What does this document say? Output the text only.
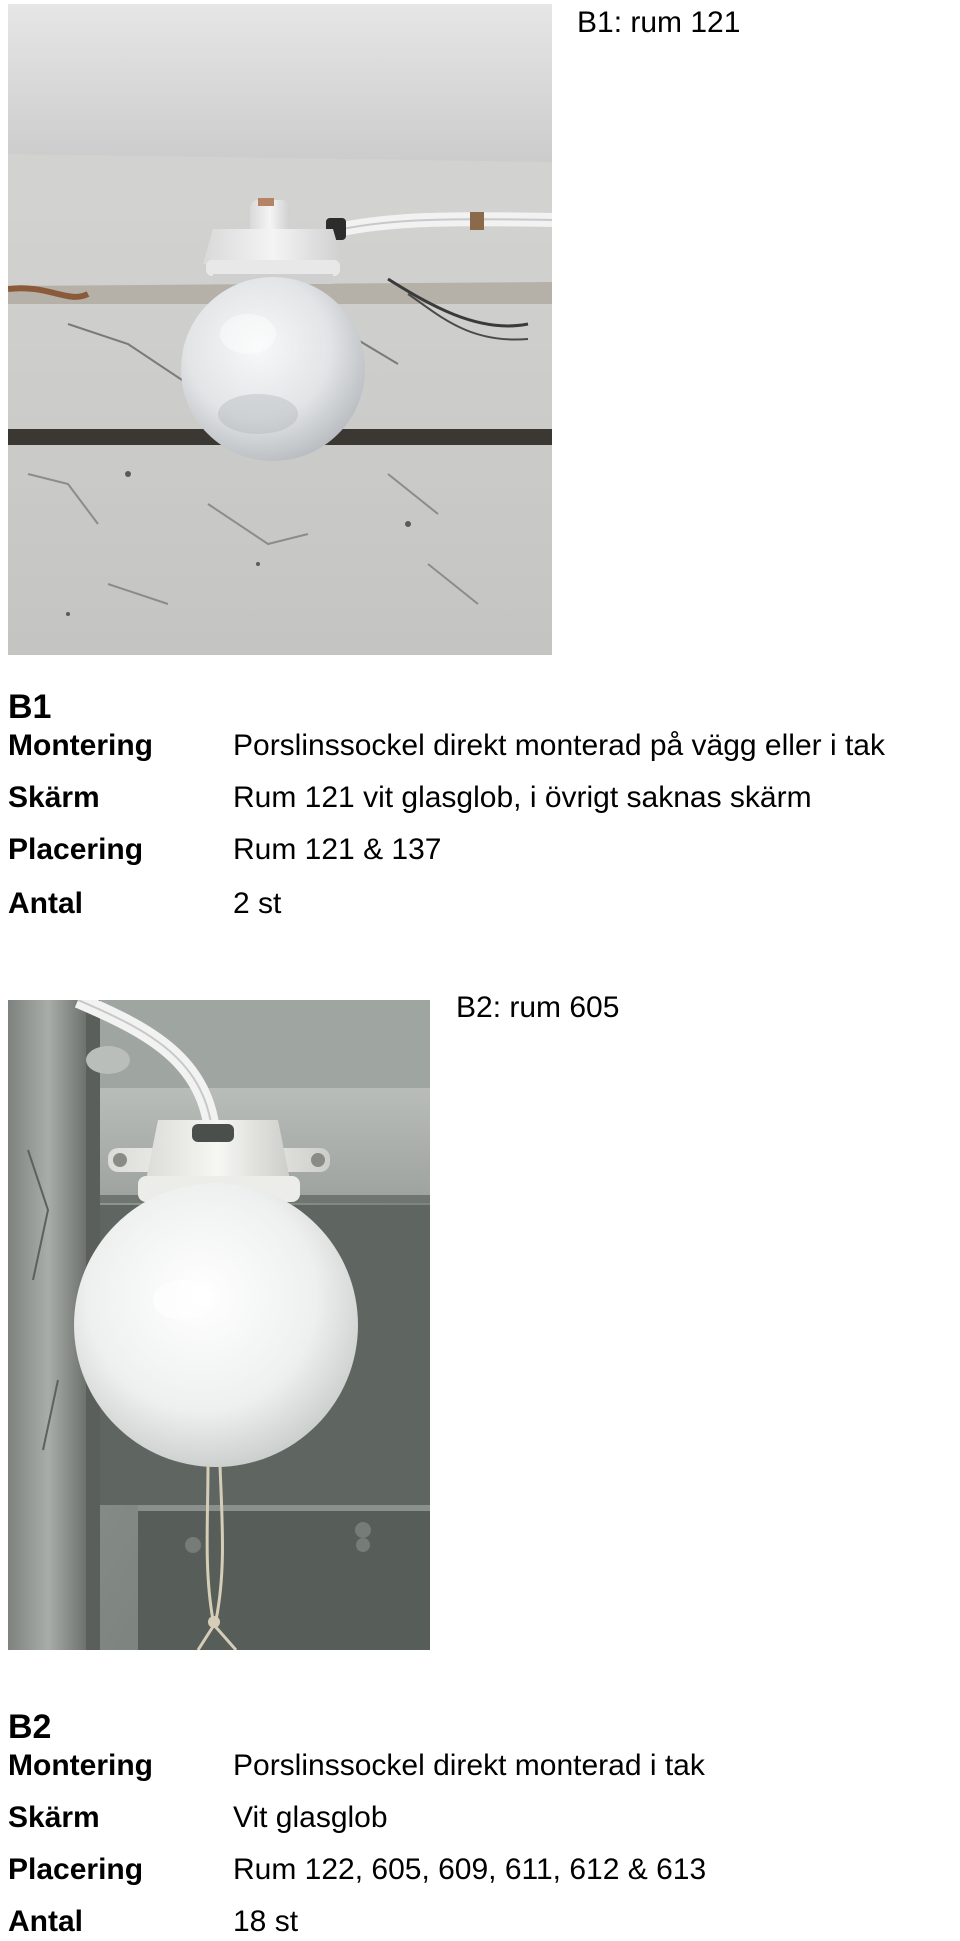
B1: rum 121
B1
Montering	Porslinssockel direkt monterad på vägg eller i tak
Skärm	Rum 121 vit glasglob, i övrigt saknas skärm
Placering	Rum 121 & 137
Antal	2 st
B2: rum 605
B2
Montering	Porslinssockel direkt monterad i tak
Skärm	Vit glasglob
Placering	Rum 122, 605, 609, 611, 612 & 613
Antal	18 st
